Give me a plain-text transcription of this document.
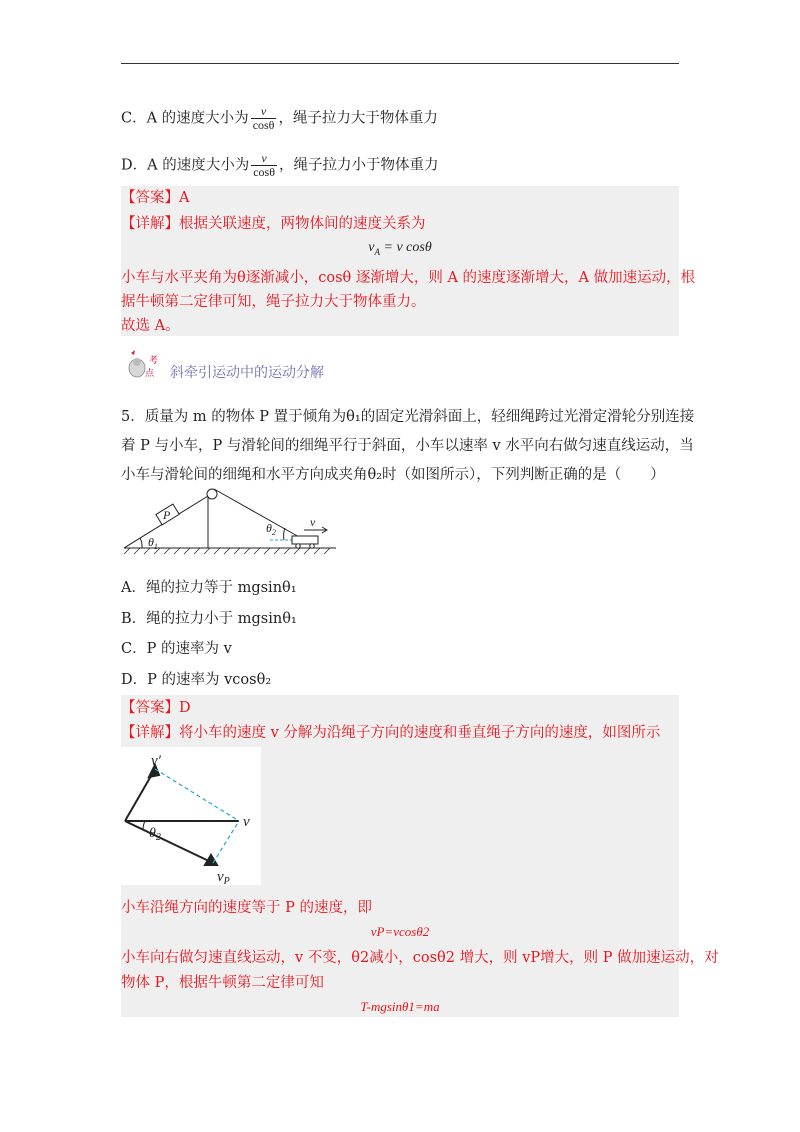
C．A 的速度大小为 $\frac{v}{\cos\theta}$ ，绳子拉力大于物体重力
D．A 的速度大小为 $\frac{v}{\cos\theta}$ ，绳子拉力小于物体重力
【答案】A
【详解】根据关联速度，两物体间的速度关系为
$v_A = v$ cosθ
小车与水平夹角为θ逐渐减小，cosθ 逐渐增大，则 A 的速度逐渐增大，A 做加速运动，根
据牛顿第二定律可知，绳子拉力大于物体重力。
故选 A。
考
点 斜牵引运动中的运动分解
5．质量为 m 的物体 P 置于倾角为θ₁的固定光滑斜面上，轻细绳跨过光滑定滑轮分别连接
着 P 与小车，P 与滑轮间的细绳平行于斜面，小车以速率 v 水平向右做匀速直线运动，当
小车与滑轮间的细绳和水平方向成夹角θ₂时（如图所示），下列判断正确的是（　　）
P
$\theta_1$
$\theta_2$
v
A．绳的拉力等于 mgsinθ₁
B．绳的拉力小于 mgsinθ₁
C．P 的速率为 v
D．P 的速率为 vcosθ₂
【答案】D
【详解】将小车的速度 v 分解为沿绳子方向的速度和垂直绳子方向的速度，如图所示
v′
v
$\theta_2$
$v_P$
小车沿绳方向的速度等于 P 的速度，即
vP=vcosθ2
小车向右做匀速直线运动，v 不变，θ2减小，cosθ2 增大，则 vP增大，则 P 做加速运动，对
物体 P，根据牛顿第二定律可知
T-mgsinθ1=ma
